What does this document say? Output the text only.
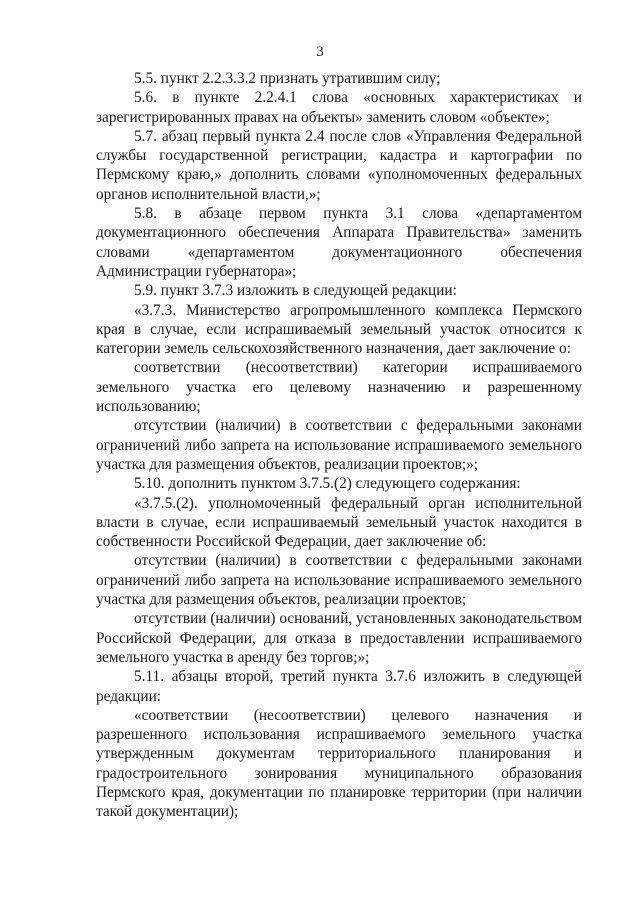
3

5.5. пункт 2.2.3.3.2 признать утратившим силу;

5.6. в пункте 2.2.4.1 слова «основных характеристиках и зарегистрированных правах на объекты» заменить словом «объекте»;

5.7. абзац первый пункта 2.4 после слов «Управления Федеральной службы государственной регистрации, кадастра и картографии по Пермскому краю,» дополнить словами «уполномоченных федеральных органов исполнительной власти,»;

5.8. в абзаце первом пункта 3.1 слова «департаментом документационного обеспечения Аппарата Правительства» заменить словами «департаментом документационного обеспечения Администрации губернатора»;

5.9. пункт 3.7.3 изложить в следующей редакции:

«3.7.3. Министерство агропромышленного комплекса Пермского края в случае, если испрашиваемый земельный участок относится к категории земель сельскохозяйственного назначения, дает заключение о:

соответствии (несоответствии) категории испрашиваемого земельного участка его целевому назначению и разрешенному использованию;

отсутствии (наличии) в соответствии с федеральными законами ограничений либо запрета на использование испрашиваемого земельного участка для размещения объектов, реализации проектов;»;

5.10. дополнить пунктом 3.7.5.(2) следующего содержания:

«3.7.5.(2). уполномоченный федеральный орган исполнительной власти в случае, если испрашиваемый земельный участок находится в собственности Российской Федерации, дает заключение об:

отсутствии (наличии) в соответствии с федеральными законами ограничений либо запрета на использование испрашиваемого земельного участка для размещения объектов, реализации проектов;

отсутствии (наличии) оснований, установленных законодательством Российской Федерации, для отказа в предоставлении испрашиваемого земельного участка в аренду без торгов;»;

5.11. абзацы второй, третий пункта 3.7.6 изложить в следующей редакции:

«соответствии (несоответствии) целевого назначения и разрешенного использования испрашиваемого земельного участка утвержденным документам территориального планирования и градостроительного зонирования муниципального образования Пермского края, документации по планировке территории (при наличии такой документации);
